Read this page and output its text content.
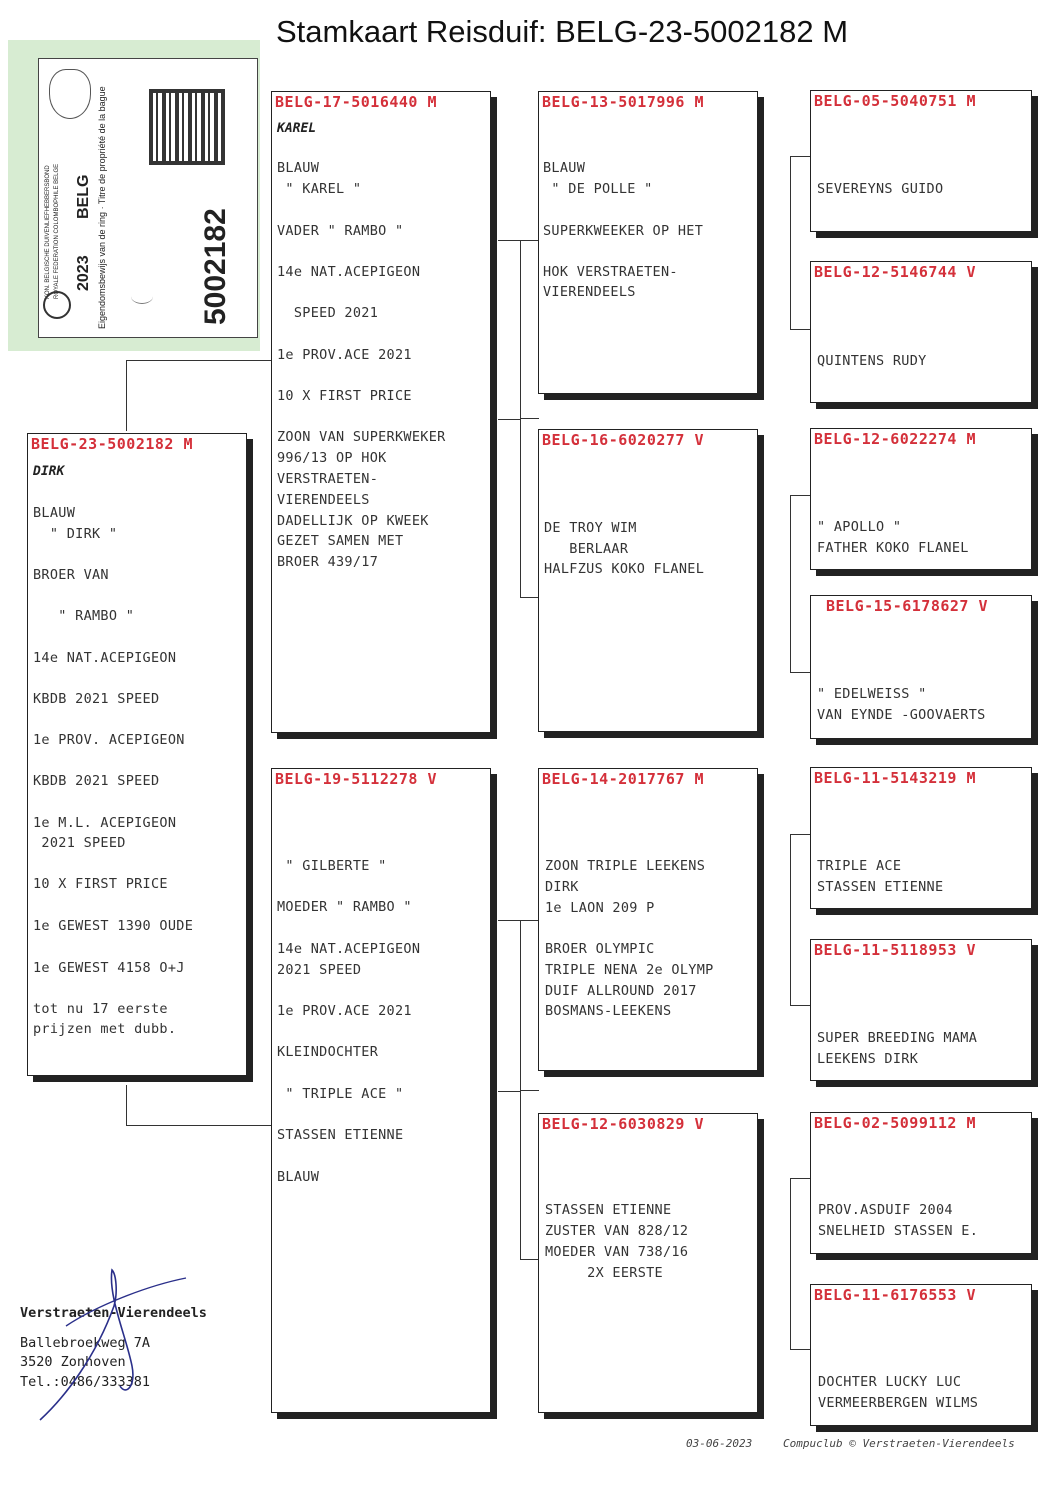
Stamkaart Reisduif: BELG-23-5002182 M
5002182
2023
BELG
KON. BELGISCHE DUIVENLIEFHEBBERSBOND ROYALE FEDERATION COLOMBOPHILE BELGE	Eigendomsbewijs van de ring · Titre de propriété de la bague
BELG-23-5002182 M
DIRK
BLAUW
" DIRK "
BROER VAN
" RAMBO "
14e NAT.ACEPIGEON
KBDB 2021 SPEED
1e PROV. ACEPIGEON
KBDB 2021 SPEED
1e M.L. ACEPIGEON
2021 SPEED
10 X FIRST PRICE
1e GEWEST 1390 OUDE
1e GEWEST 4158 O+J
tot nu 17 eerste
prijzen met dubb.
BELG-17-5016440 M
KAREL
BLAUW
" KAREL "
VADER " RAMBO "
14e NAT.ACEPIGEON
SPEED 2021
1e PROV.ACE 2021
10 X FIRST PRICE
ZOON VAN SUPERKWEKER
996/13 OP HOK
VERSTRAETEN-
VIERENDEELS
DADELLIJK OP KWEEK
GEZET SAMEN MET
BROER 439/17
BELG-19-5112278 V
" GILBERTE "
MOEDER " RAMBO "
14e NAT.ACEPIGEON
2021 SPEED
1e PROV.ACE 2021
KLEINDOCHTER
" TRIPLE ACE "
STASSEN ETIENNE
BLAUW
BELG-13-5017996 M
BLAUW
" DE POLLE "
SUPERKWEEKER OP HET
HOK VERSTRAETEN-
VIERENDEELS
BELG-16-6020277 V
DE TROY WIM
BERLAAR
HALFZUS KOKO FLANEL
BELG-14-2017767 M
ZOON TRIPLE LEEKENS
DIRK
1e LAON 209 P
BROER OLYMPIC
TRIPLE NENA 2e OLYMP
DUIF ALLROUND 2017
BOSMANS-LEEKENS
BELG-12-6030829 V
STASSEN ETIENNE
ZUSTER VAN 828/12
MOEDER VAN 738/16
2X EERSTE
BELG-05-5040751 M
SEVEREYNS GUIDO
BELG-12-5146744 V
QUINTENS RUDY
BELG-12-6022274 M
" APOLLO "
FATHER KOKO FLANEL
BELG-15-6178627 V
" EDELWEISS "
VAN EYNDE -GOOVAERTS
BELG-11-5143219 M
TRIPLE ACE
STASSEN ETIENNE
BELG-11-5118953 V
SUPER BREEDING MAMA
LEEKENS DIRK
BELG-02-5099112 M
PROV.ASDUIF 2004
SNELHEID STASSEN E.
BELG-11-6176553 V
DOCHTER LUCKY LUC
VERMEERBERGEN WILMS
Verstraeten-Vierendeels
Ballebroekweg 7A
3520 Zonhoven
Tel.:0486/333381
03-06-2023	Compuclub © Verstraeten-Vierendeels
